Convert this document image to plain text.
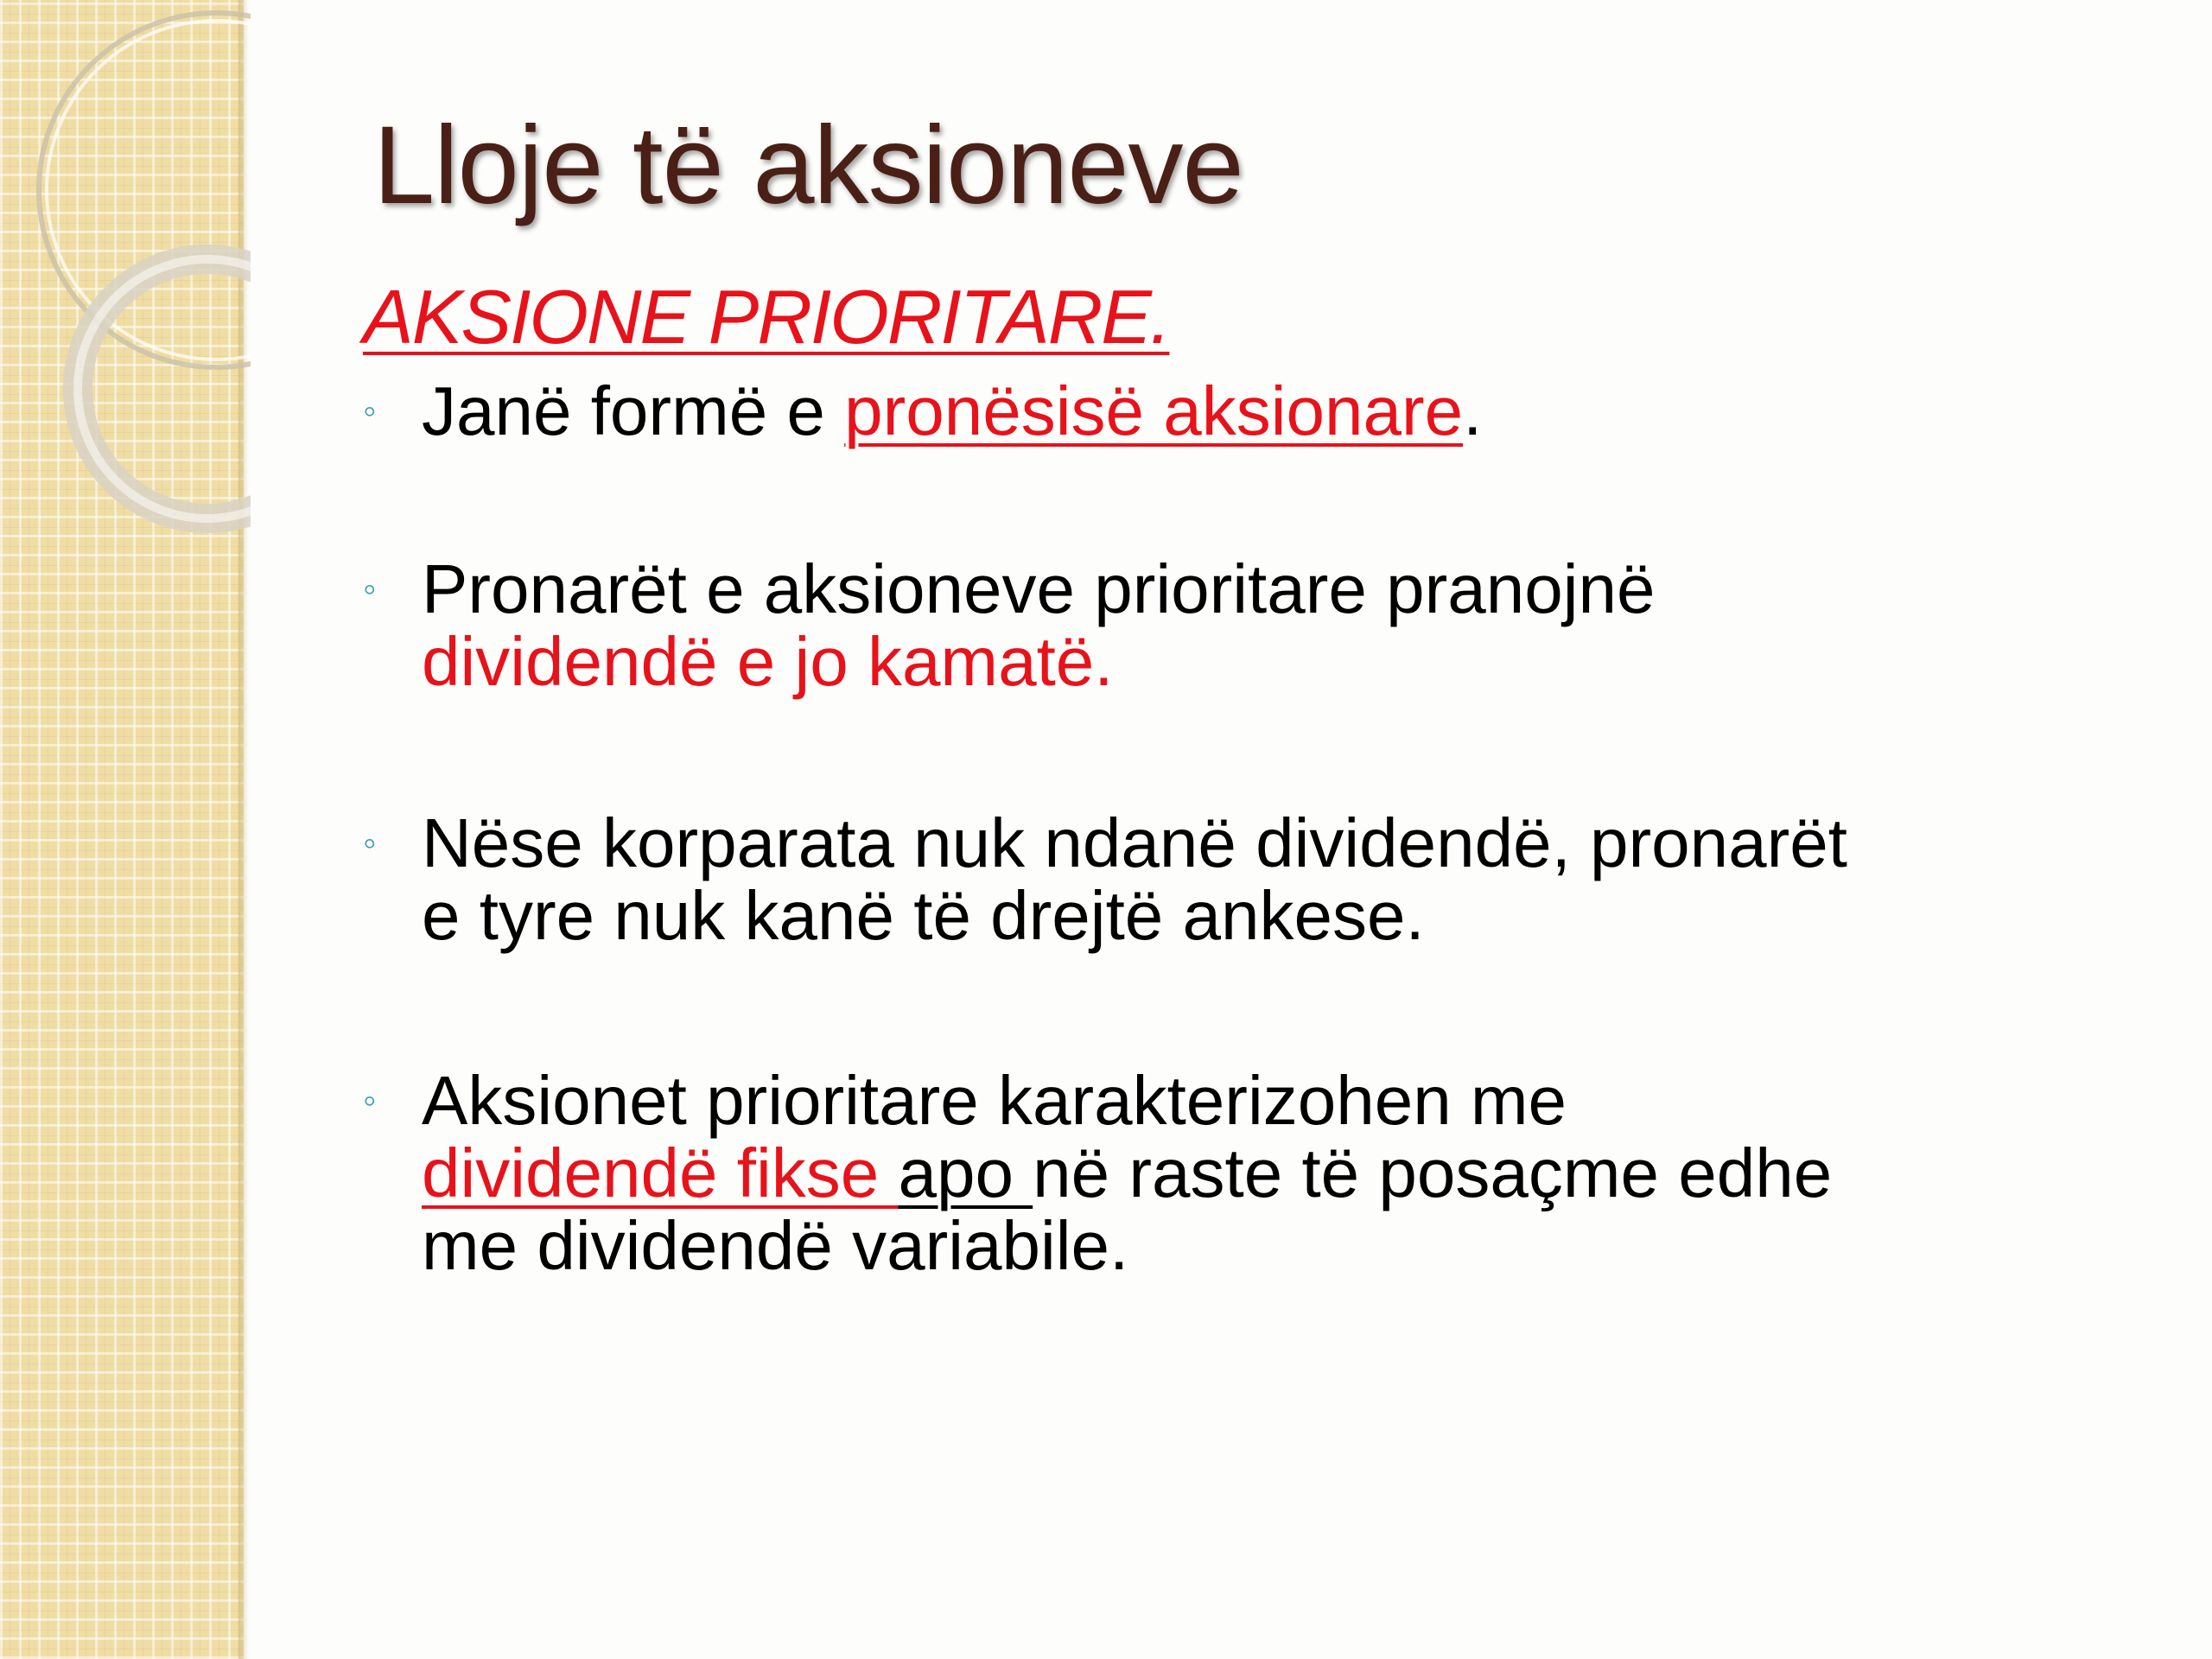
Lloje të aksioneve
AKSIONE PRIORITARE.
◦ Janë formë e pronësisë aksionare.
◦ Pronarët e aksioneve prioritare pranojnë
dividendë e jo kamatë.
◦ Nëse korparata nuk ndanë dividendë, pronarët
e tyre nuk kanë të drejtë ankese.
◦ Aksionet prioritare karakterizohen me
dividendë fikse apo në raste të posaçme edhe
me dividendë variabile.
